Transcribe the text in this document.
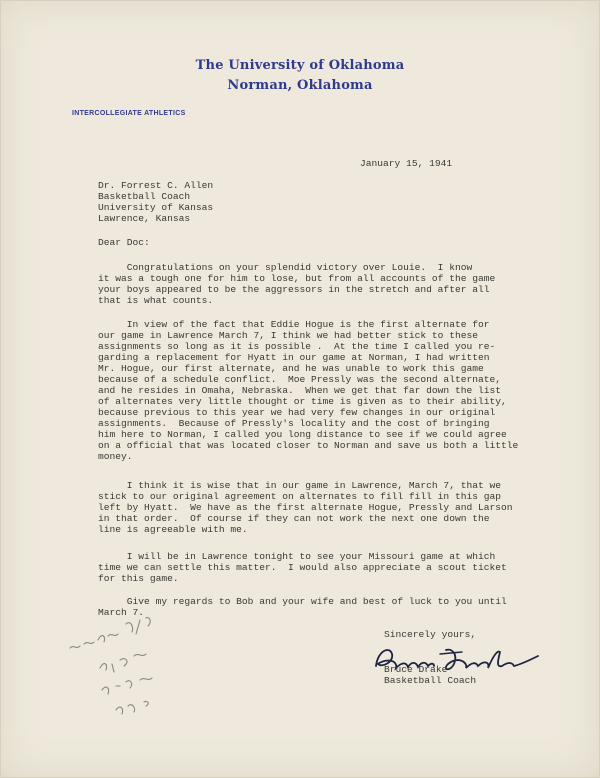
The University of Oklahoma
Norman, Oklahoma
INTERCOLLEGIATE ATHLETICS
January 15, 1941
Dr. Forrest C. Allen
Basketball Coach
University of Kansas
Lawrence, Kansas
Dear Doc:
Congratulations on your splendid victory over Louie.  I know
it was a tough one for him to lose, but from all accounts of the game
your boys appeared to be the aggressors in the stretch and after all
that is what counts.
In view of the fact that Eddie Hogue is the first alternate for
our game in Lawrence March 7, I think we had better stick to these
assignments so long as it is possible .  At the time I called you re-
garding a replacement for Hyatt in our game at Norman, I had written
Mr. Hogue, our first alternate, and he was unable to work this game
because of a schedule conflict.  Moe Pressly was the second alternate,
and he resides in Omaha, Nebraska.  When we get that far down the list
of alternates very little thought or time is given as to their ability,
because previous to this year we had very few changes in our original
assignments.  Because of Pressly's locality and the cost of bringing
him here to Norman, I called you long distance to see if we could agree
on a official that was located closer to Norman and save us both a little
money.
I think it is wise that in our game in Lawrence, March 7, that we
stick to our original agreement on alternates to fill fill in this gap
left by Hyatt.  We have as the first alternate Hogue, Pressly and Larson
in that order.  Of course if they can not work the next one down the
line is agreeable with me.
I will be in Lawrence tonight to see your Missouri game at which
time we can settle this matter.  I would also appreciate a scout ticket
for this game.
Give my regards to Bob and your wife and best of luck to you until
March 7.
Sincerely yours,
Bruce Drake
Basketball Coach
